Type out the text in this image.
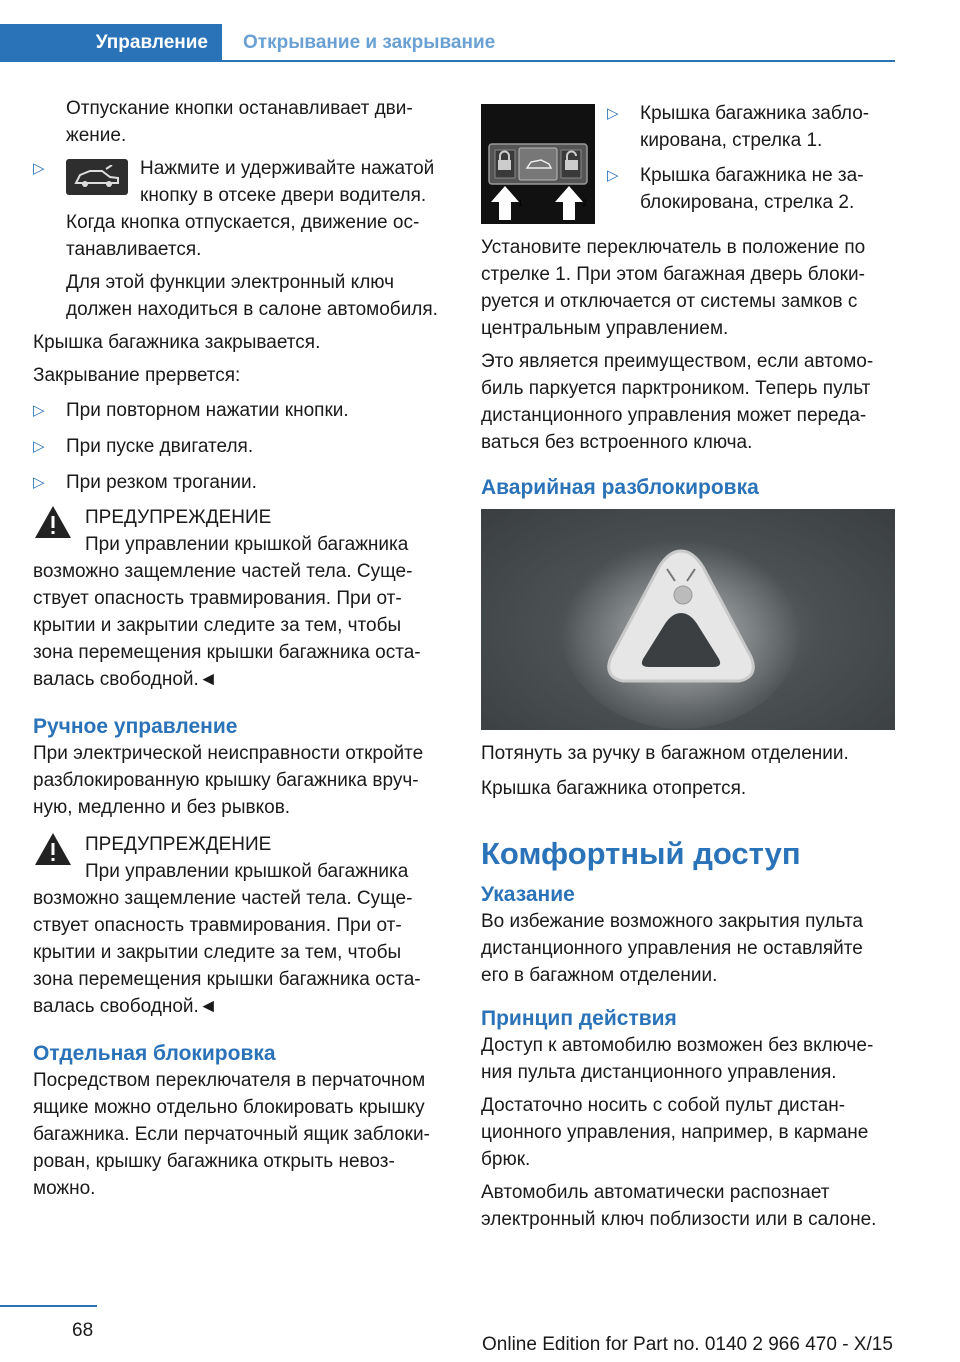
Управление Открывание и закрывание

Отпускание кнопки останавливает дви-
жение.

▷	Нажмите и удерживайте нажатой
кнопку в отсеке двери водителя.

Когда кнопка отпускается, движение ос-
танавливается.

Для этой функции электронный ключ
должен находиться в салоне автомобиля.

Крышка багажника закрывается.

Закрывание прервется:

▷ При повторном нажатии кнопки.
▷ При пуске двигателя.
▷ При резком трогании.
ПРЕДУПРЕЖДЕНИЕ
При управлении крышкой багажника

возможно защемление частей тела. Суще-
ствует опасность травмирования. При от-
крытии и закрытии следите за тем, чтобы
зона перемещения крышки багажника оста-
валась свободной.◄

Ручное управление

При электрической неисправности откройте
разблокированную крышку багажника вруч-
ную, медленно и без рывков.

ПРЕДУПРЕЖДЕНИЕ
При управлении крышкой багажника

возможно защемление частей тела. Суще-
ствует опасность травмирования. При от-
крытии и закрытии следите за тем, чтобы
зона перемещения крышки багажника оста-
валась свободной.◄

Отдельная блокировка

Посредством переключателя в перчаточном
ящике можно отдельно блокировать крышку
багажника. Если перчаточный ящик заблоки-
рован, крышку багажника открыть невоз-
можно.

1	2
▷ Крышка багажника забло-
кирована, стрелка 1.
▷ Крышка багажника не за-
блокирована, стрелка 2.

Установите переключатель в положение по
стрелке 1. При этом багажная дверь блоки-
руется и отключается от системы замков с
центральным управлением.

Это является преимуществом, если автомо-
биль паркуется парктроником. Теперь пульт
дистанционного управления может переда-
ваться без встроенного ключа.

Аварийная разблокировка

Потянуть за ручку в багажном отделении.

Крышка багажника отопрется.

Комфортный доступ

Указание

Во избежание возможного закрытия пульта
дистанционного управления не оставляйте
его в багажном отделении.

Принцип действия

Доступ к автомобилю возможен без включе-
ния пульта дистанционного управления.

Достаточно носить с собой пульт дистан-
ционного управления, например, в кармане
брюк.

Автомобиль автоматически распознает
электронный ключ поблизости или в салоне.

68
Online Edition for Part no. 0140 2 966 470 - X/15
